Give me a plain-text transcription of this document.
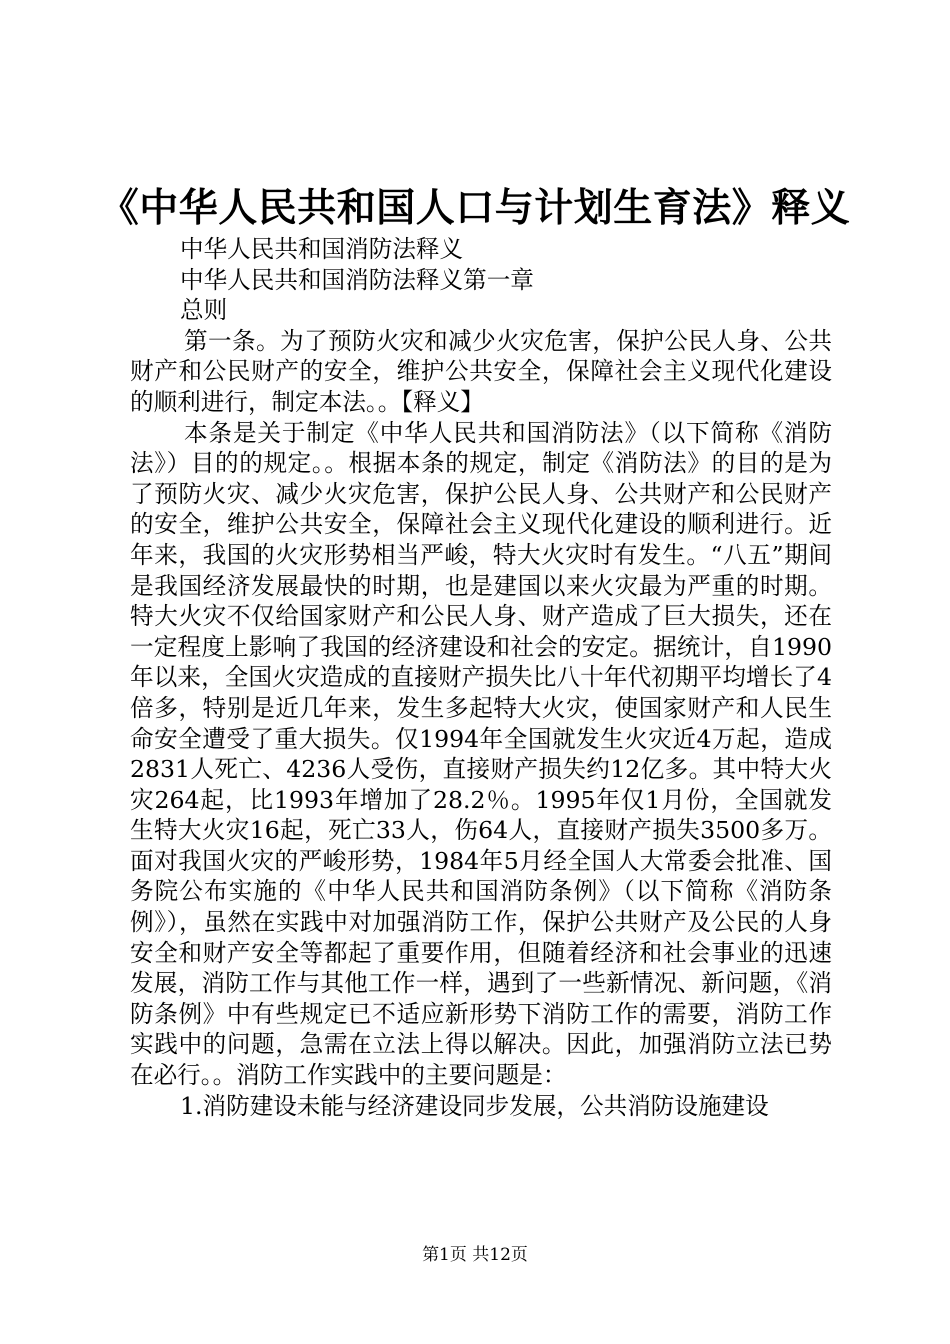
《中华人民共和国人口与计划生育法》释义

中华人民共和国消防法释义

中华人民共和国消防法释义第一章

总则

第一条。为了预防火灾和减少火灾危害，保护公民人身、公共财产和公民财产的安全，维护公共安全，保障社会主义现代化建设的顺利进行，制定本法。。【释义】

本条是关于制定《中华人民共和国消防法》（以下简称《消防法》）目的的规定。。根据本条的规定，制定《消防法》的目的是为了预防火灾、减少火灾危害，保护公民人身、公共财产和公民财产的安全，维护公共安全，保障社会主义现代化建设的顺利进行。近年来，我国的火灾形势相当严峻，特大火灾时有发生。“八五”期间是我国经济发展最快的时期，也是建国以来火灾最为严重的时期。特大火灾不仅给国家财产和公民人身、财产造成了巨大损失，还在一定程度上影响了我国的经济建设和社会的安定。据统计，自1990年以来，全国火灾造成的直接财产损失比八十年代初期平均增长了4倍多，特别是近几年来，发生多起特大火灾，使国家财产和人民生命安全遭受了重大损失。仅1994年全国就发生火灾近4万起，造成2831人死亡、4236人受伤，直接财产损失约12亿多。其中特大火灾264起，比1993年增加了28.2％。1995年仅1月份，全国就发生特大火灾16起，死亡33人，伤64人，直接财产损失3500多万。面对我国火灾的严峻形势，1984年5月经全国人大常委会批准、国务院公布实施的《中华人民共和国消防条例》（以下简称《消防条例》），虽然在实践中对加强消防工作，保护公共财产及公民的人身安全和财产安全等都起了重要作用，但随着经济和社会事业的迅速发展，消防工作与其他工作一样，遇到了一些新情况、新问题，《消防条例》中有些规定已不适应新形势下消防工作的需要，消防工作实践中的问题，急需在立法上得以解决。因此，加强消防立法已势在必行。。消防工作实践中的主要问题是：

1.消防建设未能与经济建设同步发展，公共消防设施建设

第1页 共12页
